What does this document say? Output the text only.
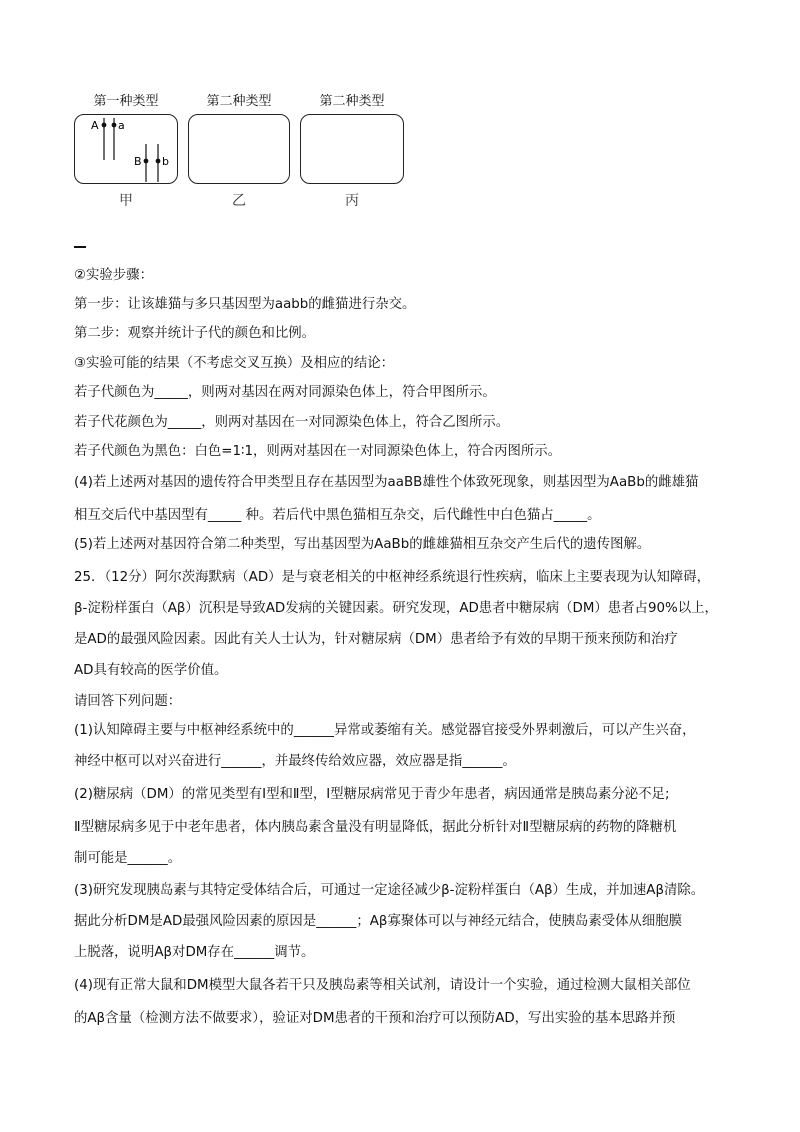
第一种类型
A a
B b
甲
第二种类型
乙
第二种类型
丙
②实验步骤：
第一步：让该雄猫与多只基因型为aabb的雌猫进行杂交。
第二步：观察并统计子代的颜色和比例。
③实验可能的结果（不考虑交叉互换）及相应的结论：
若子代颜色为_____，则两对基因在两对同源染色体上，符合甲图所示。
若子代花颜色为_____，则两对基因在一对同源染色体上，符合乙图所示。
若子代颜色为黑色：白色=1∶1，则两对基因在一对同源染色体上，符合丙图所示。
(4)若上述两对基因的遗传符合甲类型且存在基因型为aaBB雄性个体致死现象，则基因型为AaBb的雌雄猫
相互交后代中基因型有_____ 种。若后代中黑色猫相互杂交，后代雌性中白色猫占_____。
(5)若上述两对基因符合第二种类型，写出基因型为AaBb的雌雄猫相互杂交产生后代的遗传图解。
25．（12分）阿尔茨海默病（AD）是与衰老相关的中枢神经系统退行性疾病，临床上主要表现为认知障碍，
β-淀粉样蛋白（Aβ）沉积是导致AD发病的关键因素。研究发现，AD患者中糖尿病（DM）患者占90%以上，
是AD的最强风险因素。因此有关人士认为，针对糖尿病（DM）患者给予有效的早期干预来预防和治疗
AD具有较高的医学价值。
请回答下列问题：
(1)认知障碍主要与中枢神经系统中的______异常或萎缩有关。感觉器官接受外界刺激后，可以产生兴奋，
神经中枢可以对兴奋进行______，并最终传给效应器，效应器是指______。
(2)糖尿病（DM）的常见类型有Ⅰ型和Ⅱ型，Ⅰ型糖尿病常见于青少年患者，病因通常是胰岛素分泌不足;
Ⅱ型糖尿病多见于中老年患者，体内胰岛素含量没有明显降低，据此分析针对Ⅱ型糖尿病的药物的降糖机
制可能是______。
(3)研究发现胰岛素与其特定受体结合后，可通过一定途径减少β-淀粉样蛋白（Aβ）生成，并加速Aβ清除。
据此分析DM是AD最强风险因素的原因是______；Aβ寡聚体可以与神经元结合，使胰岛素受体从细胞膜
上脱落，说明Aβ对DM存在______调节。
(4)现有正常大鼠和DM模型大鼠各若干只及胰岛素等相关试剂，请设计一个实验，通过检测大鼠相关部位
的Aβ含量（检测方法不做要求），验证对DM患者的干预和治疗可以预防AD，写出实验的基本思路并预
